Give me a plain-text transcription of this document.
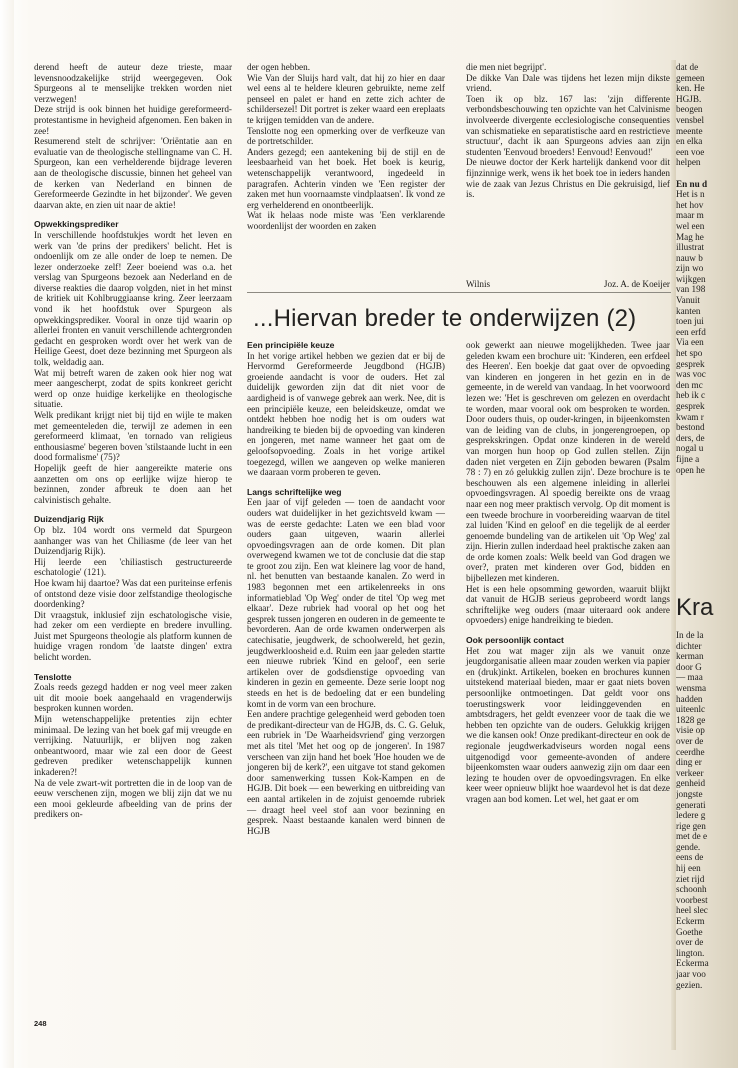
derend heeft de auteur deze trieste, maar levensnoodzakelijke strijd weergegeven. Ook Spurgeons al te menselijke trekken worden niet verzwegen!

Deze strijd is ook binnen het huidige gereformeerd-protestantisme in hevigheid afgenomen. Een baken in zee!

Resumerend stelt de schrijver: 'Oriëntatie aan en evaluatie van de theologische stellingname van C. H. Spurgeon, kan een verhelderende bijdrage leveren aan de theologische discussie, binnen het geheel van de kerken van Nederland en binnen de Gereformeerde Gezindte in het bijzonder'. We geven daarvan akte, en zien uit naar de aktie!

Opwekkingsprediker

In verschillende hoofdstukjes wordt het leven en werk van 'de prins der predikers' belicht. Het is ondoenlijk om ze alle onder de loep te nemen. De lezer onderzoeke zelf! Zeer boeiend was o.a. het verslag van Spurgeons bezoek aan Nederland en de diverse reakties die daarop volgden, niet in het minst de kritiek uit Kohlbruggiaanse kring. Zeer leerzaam vond ik het hoofdstuk over Spurgeon als opwekkingsprediker. Vooral in onze tijd waarin op allerlei fronten en vanuit verschillende achtergronden gedacht en gesproken wordt over het werk van de Heilige Geest, doet deze bezinning met Spurgeon als tolk, weldadig aan.

Wat mij betreft waren de zaken ook hier nog wat meer aangescherpt, zodat de spits konkreet gericht werd op onze huidige kerkelijke en theologische situatie.

Welk predikant krijgt niet bij tijd en wijle te maken met gemeenteleden die, terwijl ze ademen in een gereformeerd klimaat, 'en tornado van religieus enthousiasme' begeren boven 'stilstaande lucht in een dood formalisme' (75)?

Hopelijk geeft de hier aangereikte materie ons aanzetten om ons op eerlijke wijze hierop te bezinnen, zonder afbreuk te doen aan het calvinistisch gehalte.

Duizendjarig Rijk

Op blz. 104 wordt ons vermeld dat Spurgeon aanhanger was van het Chiliasme (de leer van het Duizendjarig Rijk).

Hij leerde een 'chiliastisch gestructureerde eschatologie' (121).

Hoe kwam hij daartoe? Was dat een puriteinse erfenis of ontstond deze visie door zelfstandige theologische doordenking?

Dit vraagstuk, inklusief zijn eschatologische visie, had zeker om een verdiepte en bredere invulling. Juist met Spurgeons theologie als platform kunnen de huidige vragen rondom 'de laatste dingen' extra belicht worden.

Tenslotte

Zoals reeds gezegd hadden er nog veel meer zaken uit dit mooie boek aangehaald en vragenderwijs besproken kunnen worden.

Mijn wetenschappelijke pretenties zijn echter minimaal. De lezing van het boek gaf mij vreugde en verrijking. Natuurlijk, er blijven nog zaken onbeantwoord, maar wie zal een door de Geest gedreven prediker wetenschappelijk kunnen inkaderen?!

Na de vele zwart-wit portretten die in de loop van de eeuw verschenen zijn, mogen we blij zijn dat we nu een mooi gekleurde afbeelding van de prins der predikers on-

der ogen hebben.

Wie Van der Sluijs hard valt, dat hij zo hier en daar wel eens al te heldere kleuren gebruikte, neme zelf penseel en palet er hand en zette zich achter de schildersezel! Dit portret is zeker waard een ereplaats te krijgen temidden van de andere.

Tenslotte nog een opmerking over de verfkeuze van de portretschilder.

Anders gezegd; een aantekening bij de stijl en de leesbaarheid van het boek. Het boek is keurig, wetenschappelijk verantwoord, ingedeeld in paragrafen. Achterin vinden we 'Een register der zaken met hun voornaamste vindplaatsen'. Ik vond ze erg verhelderend en onontbeerlijk.

Wat ik helaas node miste was 'Een verklarende woordenlijst der woorden en zaken

die men niet begrijpt'.

De dikke Van Dale was tijdens het lezen mijn dikste vriend.

Toen ik op blz. 167 las: 'zijn differente verbondsbeschouwing ten opzichte van het Calvinisme involveerde divergente ecclesiologische consequenties van schismatieke en separatistische aard en restrictieve structuur', dacht ik aan Spurgeons advies aan zijn studenten 'Eenvoud broeders! Eenvoud! Eenvoud!'

De nieuwe doctor der Kerk hartelijk dankend voor dit fijnzinnige werk, wens ik het boek toe in ieders handen wie de zaak van Jezus Christus en Die gekruisigd, lief is.

Wilnis	Joz. A. de Koeijer
...Hiervan breder te onderwijzen (2)
Een principiële keuze

In het vorige artikel hebben we gezien dat er bij de Hervormd Gereformeerde Jeugdbond (HGJB) groeiende aandacht is voor de ouders. Het zal duidelijk geworden zijn dat dit niet voor de aardigheid is of vanwege gebrek aan werk. Nee, dit is een principiële keuze, een beleidskeuze, omdat we ontdekt hebben hoe nodig het is om ouders wat handreiking te bieden bij de opvoeding van kinderen en jongeren, met name wanneer het gaat om de geloofsopvoeding. Zoals in het vorige artikel toegezegd, willen we aangeven op welke manieren we daaraan vorm proberen te geven.

Langs schriftelijke weg

Een jaar of vijf geleden — toen de aandacht voor ouders wat duidelijker in het gezichtsveld kwam — was de eerste gedachte: Laten we een blad voor ouders gaan uitgeven, waarin allerlei opvoedingsvragen aan de orde komen. Dit plan overwegend kwamen we tot de conclusie dat die stap te groot zou zijn. Een wat kleinere lag voor de hand, nl. het benutten van bestaande kanalen. Zo werd in 1983 begonnen met een artikelenreeks in ons informatieblad 'Op Weg' onder de titel 'Op weg met elkaar'. Deze rubriek had vooral op het oog het gesprek tussen jongeren en ouderen in de gemeente te bevorderen. Aan de orde kwamen onderwerpen als catechisatie, jeugdwerk, de schoolwereld, het gezin, jeugdwerkloosheid e.d. Ruim een jaar geleden startte een nieuwe rubriek 'Kind en geloof', een serie artikelen over de godsdienstige opvoeding van kinderen in gezin en gemeente. Deze serie loopt nog steeds en het is de bedoeling dat er een bundeling komt in de vorm van een brochure.

Een andere prachtige gelegenheid werd geboden toen de predikant-directeur van de HGJB, ds. C. G. Geluk, een rubriek in 'De Waarheidsvriend' ging verzorgen met als titel 'Met het oog op de jongeren'. In 1987 verscheen van zijn hand het boek 'Hoe houden we de jongeren bij de kerk?', een uitgave tot stand gekomen door samenwerking tussen Kok-Kampen en de HGJB. Dit boek — een bewerking en uitbreiding van een aantal artikelen in de zojuist genoemde rubriek — draagt heel veel stof aan voor bezinning en gesprek. Naast bestaande kanalen werd binnen de HGJB

ook gewerkt aan nieuwe mogelijkheden. Twee jaar geleden kwam een brochure uit: 'Kinderen, een erfdeel des Heeren'. Een boekje dat gaat over de opvoeding van kinderen en jongeren in het gezin en in de gemeente, in de wereld van vandaag. In het voorwoord lezen we: 'Het is geschreven om gelezen en overdacht te worden, maar vooral ook om besproken te worden. Door ouders thuis, op ouder-kringen, in bijeenkomsten van de leiding van de clubs, in jongerengroepen, op gesprekskringen. Opdat onze kinderen in de wereld van morgen hun hoop op God zullen stellen. Zijn daden niet vergeten en Zijn geboden bewaren (Psalm 78 : 7) en zó gelukkig zullen zijn'. Deze brochure is te beschouwen als een algemene inleiding in allerlei opvoedingsvragen. Al spoedig bereikte ons de vraag naar een nog meer praktisch vervolg. Op dit moment is een tweede brochure in voorbereiding waarvan de titel zal luiden 'Kind en geloof' en die tegelijk de al eerder genoemde bundeling van de artikelen uit 'Op Weg' zal zijn. Hierin zullen inderdaad heel praktische zaken aan de orde komen zoals: Welk beeld van God dragen we over?, praten met kinderen over God, bidden en bijbellezen met kinderen.

Het is een hele opsomming geworden, waaruit blijkt dat vanuit de HGJB serieus geprobeerd wordt langs schriftelijke weg ouders (maar uiteraard ook andere opvoeders) enige handreiking te bieden.

Ook persoonlijk contact

Het zou wat mager zijn als we vanuit onze jeugdorganisatie alleen maar zouden werken via papier en (druk)inkt. Artikelen, boeken en brochures kunnen uitstekend materiaal bieden, maar er gaat niets boven persoonlijke ontmoetingen. Dat geldt voor ons toerustingswerk voor leidinggevenden en ambtsdragers, het geldt evenzeer voor de taak die we hebben ten opzichte van de ouders. Gelukkig krijgen we die kansen ook! Onze predikant-directeur en ook de regionale jeugdwerkadviseurs worden nogal eens uitgenodigd voor gemeente-avonden of andere bijeenkomsten waar ouders aanwezig zijn om daar een lezing te houden over de opvoedingsvragen. En elke keer weer opnieuw blijkt hoe waardevol het is dat deze vragen aan bod komen. Let wel, het gaat er om

dat de
gemeen
ken. He
HGJB.
beogen
vensbel
meente
en elka
een voe
helpen
En nu d
Het is n
het hov
maar m
wel een
Mag he
illustrat
nauw b
zijn wo
wijkgen
van 198
Vanuit
kanten
toen jui
een erfd
Via een
het spo
gesprek
was voc
den mc
heb ik c
gesprek
kwam r
bestond
ders, de
nogal u
fijne a
open he
Kra
In de la
dichter
kerman
door G
— maa
wensma
hadden
uiteenlc
1828 ge
visie op
over de
ceerdhe
ding er
verkeer
genheid
jongste
generati
ledere g
rige gen
met de e
gende.
eens de
hij een
ziet rijd
schoonh
voorbest
heel slec
Eckerm
Goethe
over de
lington.
Eckerma
jaar voo
gezien.
248
